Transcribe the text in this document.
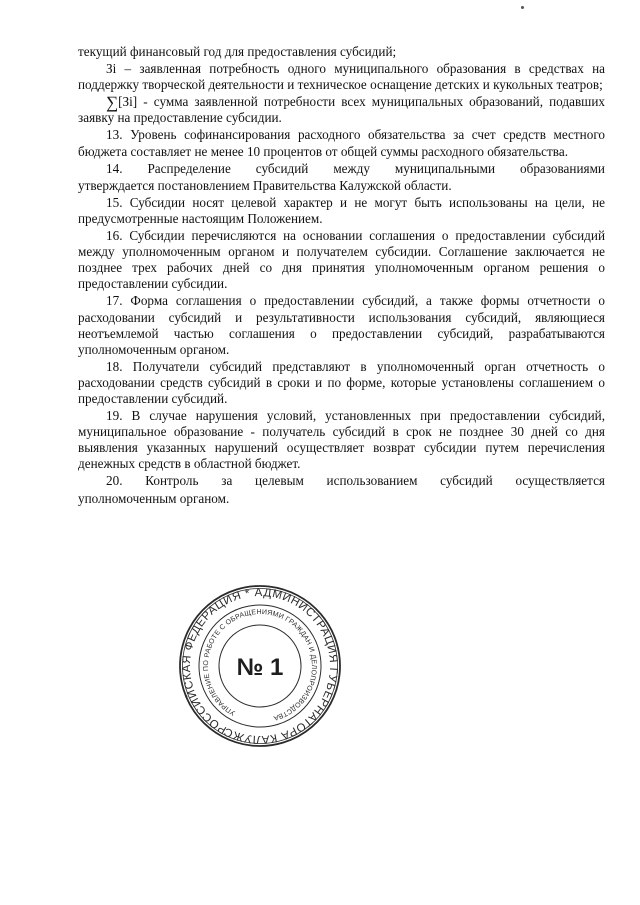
текущий финансовый год для предоставления субсидий;

Зi – заявленная потребность одного муниципального образования в средствах на поддержку творческой деятельности и техническое оснащение детских и кукольных театров;

∑[Зi] - сумма заявленной потребности всех муниципальных образований, подавших заявку на предоставление субсидии.

13. Уровень софинансирования расходного обязательства за счет средств местного бюджета составляет не менее 10 процентов от общей суммы расходного обязательства.

14. Распределение субсидий между муниципальными образованиями

утверждается постановлением Правительства Калужской области.

15. Субсидии носят целевой характер и не могут быть использованы на цели, не предусмотренные настоящим Положением.

16. Субсидии перечисляются на основании соглашения о предоставлении субсидий между уполномоченным органом и получателем субсидии. Соглашение заключается не позднее трех рабочих дней со дня принятия уполномоченным органом решения о предоставлении субсидии.

17. Форма соглашения о предоставлении субсидий, а также формы отчетности о расходовании субсидий и результативности использования субсидий, являющиеся неотъемлемой частью соглашения о предоставлении субсидий, разрабатываются уполномоченным органом.

18. Получатели субсидий представляют в уполномоченный орган отчетность о расходовании средств субсидий в сроки и по форме, которые установлены соглашением о предоставлении субсидий.

19. В случае нарушения условий, установленных при предоставлении субсидий, муниципальное образование - получатель субсидий в срок не позднее 30 дней со дня выявления указанных нарушений осуществляет возврат субсидии путем перечисления денежных средств в областной бюджет.

20. Контроль за целевым использованием субсидий осуществляется

уполномоченным органом.

РОССИЙСКАЯ ФЕДЕРАЦИЯ * АДМИНИСТРАЦИЯ ГУБЕРНАТОРА КАЛУЖСКОЙ
УПРАВЛЕНИЕ ПО РАБОТЕ С ОБРАЩЕНИЯМИ ГРАЖДАН И ДЕЛОПРОИЗВОДСТВА
№ 1
